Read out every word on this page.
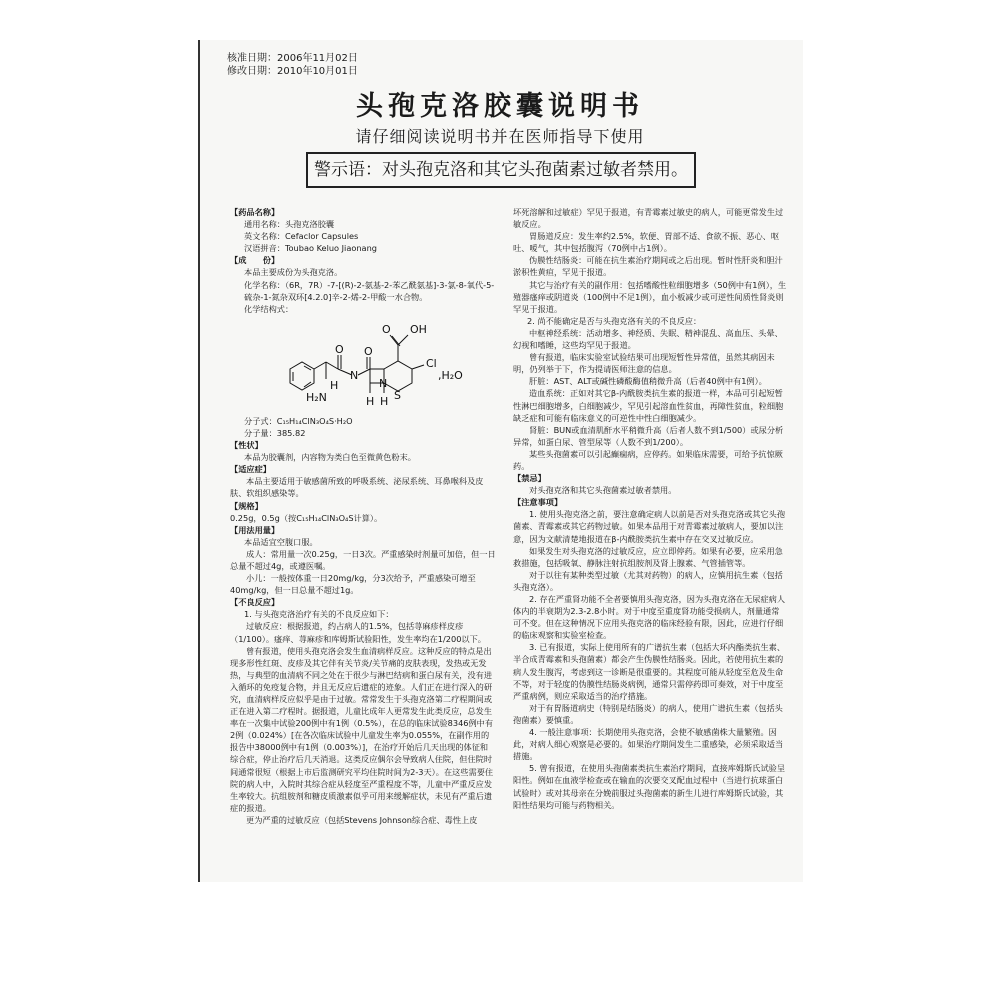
核准日期：2006年11月02日
修改日期：2010年10月01日
头孢克洛胶囊说明书
请仔细阅读说明书并在医师指导下使用
警示语：对头孢克洛和其它头孢菌素过敏者禁用。

【药品名称】

通用名称：头孢克洛胶囊

英文名称：Cefaclor Capsules

汉语拼音：Toubao Keluo Jiaonang

【成　　份】

本品主要成份为头孢克洛。

化学名称：（6R，7R）-7-[(R)-2-氨基-2-苯乙酰氨基]-3-氯-8-氧代-5-硫杂-1-氮杂双环[4.2.0]辛-2-烯-2-甲酸一水合物。

化学结构式：

OH
O
O O
Cl
,H₂O
H₂N
H
N
N
S
H H

分子式：C₁₅H₁₄ClN₃O₄S·H₂O

分子量：385.82

【性状】

本品为胶囊剂，内容物为类白色至微黄色粉末。

【适应症】

本品主要适用于敏感菌所致的呼吸系统、泌尿系统、耳鼻喉科及皮肤、软组织感染等。

【规格】

0.25g，0.5g（按C₁₅H₁₄ClN₃O₄S计算）。

【用法用量】

本品适宜空腹口服。

成人：常用量一次0.25g，一日3次。严重感染时剂量可加倍，但一日总量不超过4g，或遵医嘱。

小儿：一般按体重一日20mg/kg，分3次给予，严重感染可增至40mg/kg，但一日总量不超过1g。

【不良反应】

1. 与头孢克洛治疗有关的不良反应如下：

过敏反应：根据报道，约占病人的1.5%，包括荨麻疹样皮疹（1/100）。瘙痒、荨麻疹和库姆斯试验阳性，发生率均在1/200以下。

曾有报道，使用头孢克洛会发生血清病样反应。这种反应的特点是出现多形性红斑、皮疹及其它伴有关节炎/关节痛的皮肤表现，发热或无发热，与典型的血清病不同之处在于很少与淋巴结病和蛋白尿有关，没有进入循环的免疫复合物，并且无反应后遗症的迹象。人们正在进行深入的研究，血清病样反应似乎是由于过敏。常常发生于头孢克洛第二疗程期间或正在进入第二疗程时。据报道，儿童比成年人更常发生此类反应，总发生率在一次集中试验200例中有1例（0.5%），在总的临床试验8346例中有2例（0.024%）[在各次临床试验中儿童发生率为0.055%，在副作用的报告中38000例中有1例（0.003%）]，在治疗开始后几天出现的体征和综合症，停止治疗后几天消退。这类反应偶尔会导致病人住院，但住院时间通常很短（根据上市后监测研究平均住院时间为2-3天）。在这些需要住院的病人中，入院时其综合症从轻度至严重程度不等，儿童中严重反应发生率较大。抗组胺剂和糖皮质激素似乎可用来缓解症状，未见有严重后遗症的报道。

更为严重的过敏反应（包括Stevens Johnson综合症、毒性上皮

坏死溶解和过敏症）罕见于报道，有青霉素过敏史的病人，可能更常发生过敏反应。

胃肠道反应：发生率约2.5%，软便、胃部不适、食欲不振、恶心、呕吐、嗳气，其中包括腹泻（70例中占1例）。

伪膜性结肠炎：可能在抗生素治疗期间或之后出现。暂时性肝炎和胆汁淤积性黄疸，罕见于报道。

其它与治疗有关的副作用：包括嗜酸性粒细胞增多（50例中有1例），生殖器瘙痒或阴道炎（100例中不足1例），血小板减少或可逆性间质性肾炎则罕见于报道。

2. 尚不能确定是否与头孢克洛有关的不良反应：

中枢神经系统：活动增多、神经质、失眠、精神混乱、高血压、头晕、幻视和嗜睡，这些均罕见于报道。

曾有报道，临床实验室试验结果可出现短暂性异常值，虽然其病因未明，仍列举于下，作为提请医师注意的信息。

肝脏：AST、ALT或碱性磷酸酶值稍微升高（后者40例中有1例）。

造血系统：正如对其它β-内酰胺类抗生素的报道一样，本品可引起短暂性淋巴细胞增多，白细胞减少，罕见引起溶血性贫血，再障性贫血，粒细胞缺乏症和可能有临床意义的可逆性中性白细胞减少。

肾脏：BUN或血清肌酐水平稍微升高（后者人数不到1/500）或尿分析异常，如蛋白尿、管型尿等（人数不到1/200）。

某些头孢菌素可以引起癫痫病，应停药。如果临床需要，可给予抗惊厥药。

【禁忌】

对头孢克洛和其它头孢菌素过敏者禁用。

【注意事项】

1. 使用头孢克洛之前，要注意确定病人以前是否对头孢克洛或其它头孢菌素、青霉素或其它药物过敏。如果本品用于对青霉素过敏病人，要加以注意，因为文献清楚地报道在β-内酰胺类抗生素中存在交叉过敏反应。

如果发生对头孢克洛的过敏反应，应立即停药。如果有必要，应采用急救措施，包括吸氧、静脉注射抗组胺剂及肾上腺素、气管插管等。

对于以往有某种类型过敏（尤其对药物）的病人，应慎用抗生素（包括头孢克洛）。

2. 存在严重肾功能不全者要慎用头孢克洛，因为头孢克洛在无尿症病人体内的半衰期为2.3-2.8小时。对于中度至重度肾功能受损病人，剂量通常可不变。但在这种情况下应用头孢克洛的临床经验有限，因此，应进行仔细的临床观察和实验室检查。

3. 已有报道，实际上使用所有的广谱抗生素（包括大环内酯类抗生素、半合成青霉素和头孢菌素）都会产生伪膜性结肠炎。因此，若使用抗生素的病人发生腹泻，考虑到这一诊断是很重要的。其程度可能从轻度至危及生命不等，对于轻度的伪膜性结肠炎病例，通常只需停药即可奏效，对于中度至严重病例，则应采取适当的治疗措施。

对于有胃肠道病史（特别是结肠炎）的病人，使用广谱抗生素（包括头孢菌素）要慎重。

4. 一般注意事项：长期使用头孢克洛，会使不敏感菌株大量繁殖。因此，对病人细心观察是必要的。如果治疗期间发生二重感染，必须采取适当措施。

5. 曾有报道，在使用头孢菌素类抗生素治疗期间，直接库姆斯氏试验呈阳性。例如在血液学检查或在输血的次要交叉配血过程中（当进行抗球蛋白试验时）或对其母亲在分娩前服过头孢菌素的新生儿进行库姆斯氏试验，其阳性结果均可能与药物相关。
